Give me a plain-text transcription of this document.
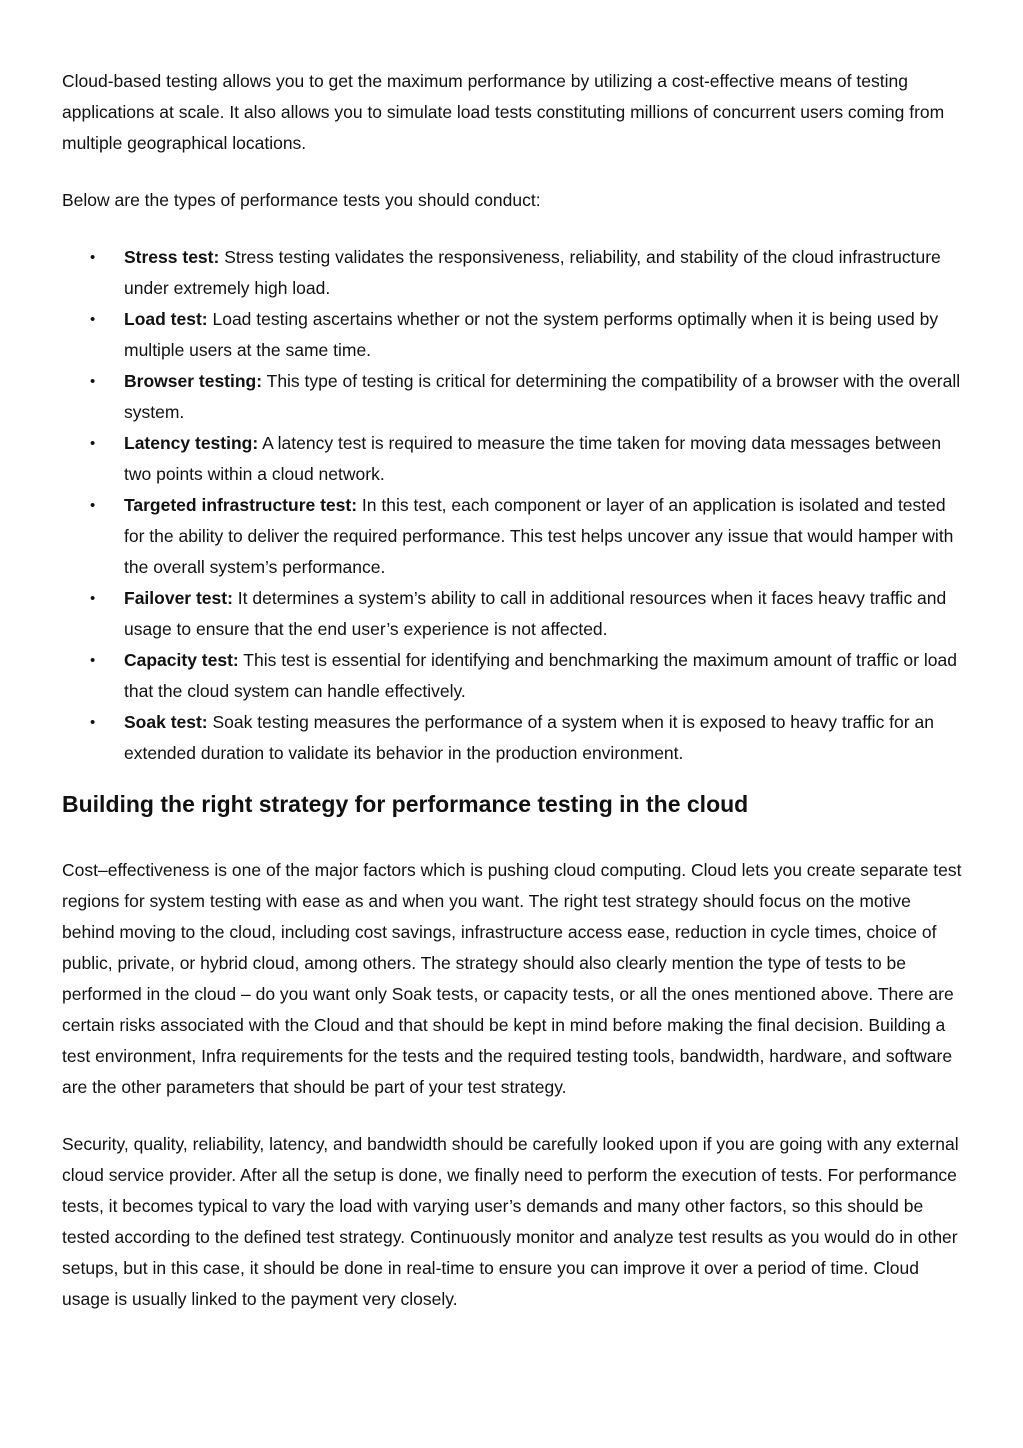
Cloud-based testing allows you to get the maximum performance by utilizing a cost-effective means of testing applications at scale. It also allows you to simulate load tests constituting millions of concurrent users coming from multiple geographical locations.

Below are the types of performance tests you should conduct:

• Stress test: Stress testing validates the responsiveness, reliability, and stability of the cloud infrastructure under extremely high load.
• Load test: Load testing ascertains whether or not the system performs optimally when it is being used by multiple users at the same time.
• Browser testing: This type of testing is critical for determining the compatibility of a browser with the overall system.
• Latency testing: A latency test is required to measure the time taken for moving data messages between two points within a cloud network.
• Targeted infrastructure test: In this test, each component or layer of an application is isolated and tested for the ability to deliver the required performance. This test helps uncover any issue that would hamper with the overall system’s performance.
• Failover test: It determines a system’s ability to call in additional resources when it faces heavy traffic and usage to ensure that the end user’s experience is not affected.
• Capacity test: This test is essential for identifying and benchmarking the maximum amount of traffic or load that the cloud system can handle effectively.
• Soak test: Soak testing measures the performance of a system when it is exposed to heavy traffic for an extended duration to validate its behavior in the production environment.
Building the right strategy for performance testing in the cloud

Cost–effectiveness is one of the major factors which is pushing cloud computing. Cloud lets you create separate test regions for system testing with ease as and when you want. The right test strategy should focus on the motive behind moving to the cloud, including cost savings, infrastructure access ease, reduction in cycle times, choice of public, private, or hybrid cloud, among others. The strategy should also clearly mention the type of tests to be performed in the cloud – do you want only Soak tests, or capacity tests, or all the ones mentioned above. There are certain risks associated with the Cloud and that should be kept in mind before making the final decision. Building a test environment, Infra requirements for the tests and the required testing tools, bandwidth, hardware, and software are the other parameters that should be part of your test strategy.

Security, quality, reliability, latency, and bandwidth should be carefully looked upon if you are going with any external cloud service provider. After all the setup is done, we finally need to perform the execution of tests. For performance tests, it becomes typical to vary the load with varying user’s demands and many other factors, so this should be tested according to the defined test strategy. Continuously monitor and analyze test results as you would do in other setups, but in this case, it should be done in real-time to ensure you can improve it over a period of time. Cloud usage is usually linked to the payment very closely.
